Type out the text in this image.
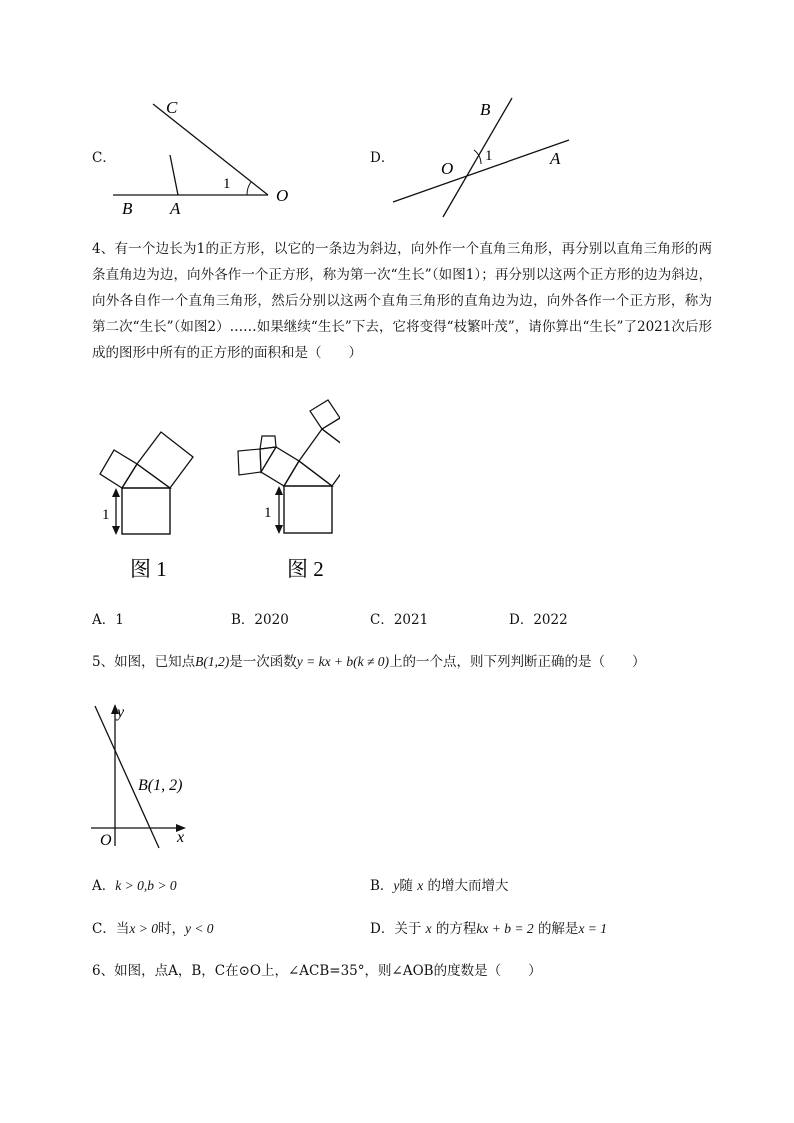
C．
C
B A
1
O
D．
B
O
1	A
4、有一个边长为1的正方形，以它的一条边为斜边，向外作一个直角三角形，再分别以直角三角形的两条直角边为边，向外各作一个正方形，称为第一次“生长”（如图1）；再分别以这两个正方形的边为斜边，向外各自作一个直角三角形，然后分别以这两个直角三角形的直角边为边，向外各作一个正方形，称为第二次“生长”（如图2）……如果继续“生长”下去，它将变得“枝繁叶茂”，请你算出“生长”了2021次后形成的图形中所有的正方形的面积和是（　　）
1
图 1
1
图 2
A．1	B．2020	C．2021	D．2022
5、如图，已知点B(1,2)是一次函数y = kx + b(k ≠ 0)上的一个点，则下列判断正确的是（　　）
y
x
O
B(1, 2)
A．k > 0,b > 0	B．y随 x 的增大而增大
C．当x > 0时，y < 0	D．关于 x 的方程kx + b = 2 的解是x = 1
6、如图，点A，B，C在⊙O上，∠ACB=35°，则∠AOB的度数是（　　）
